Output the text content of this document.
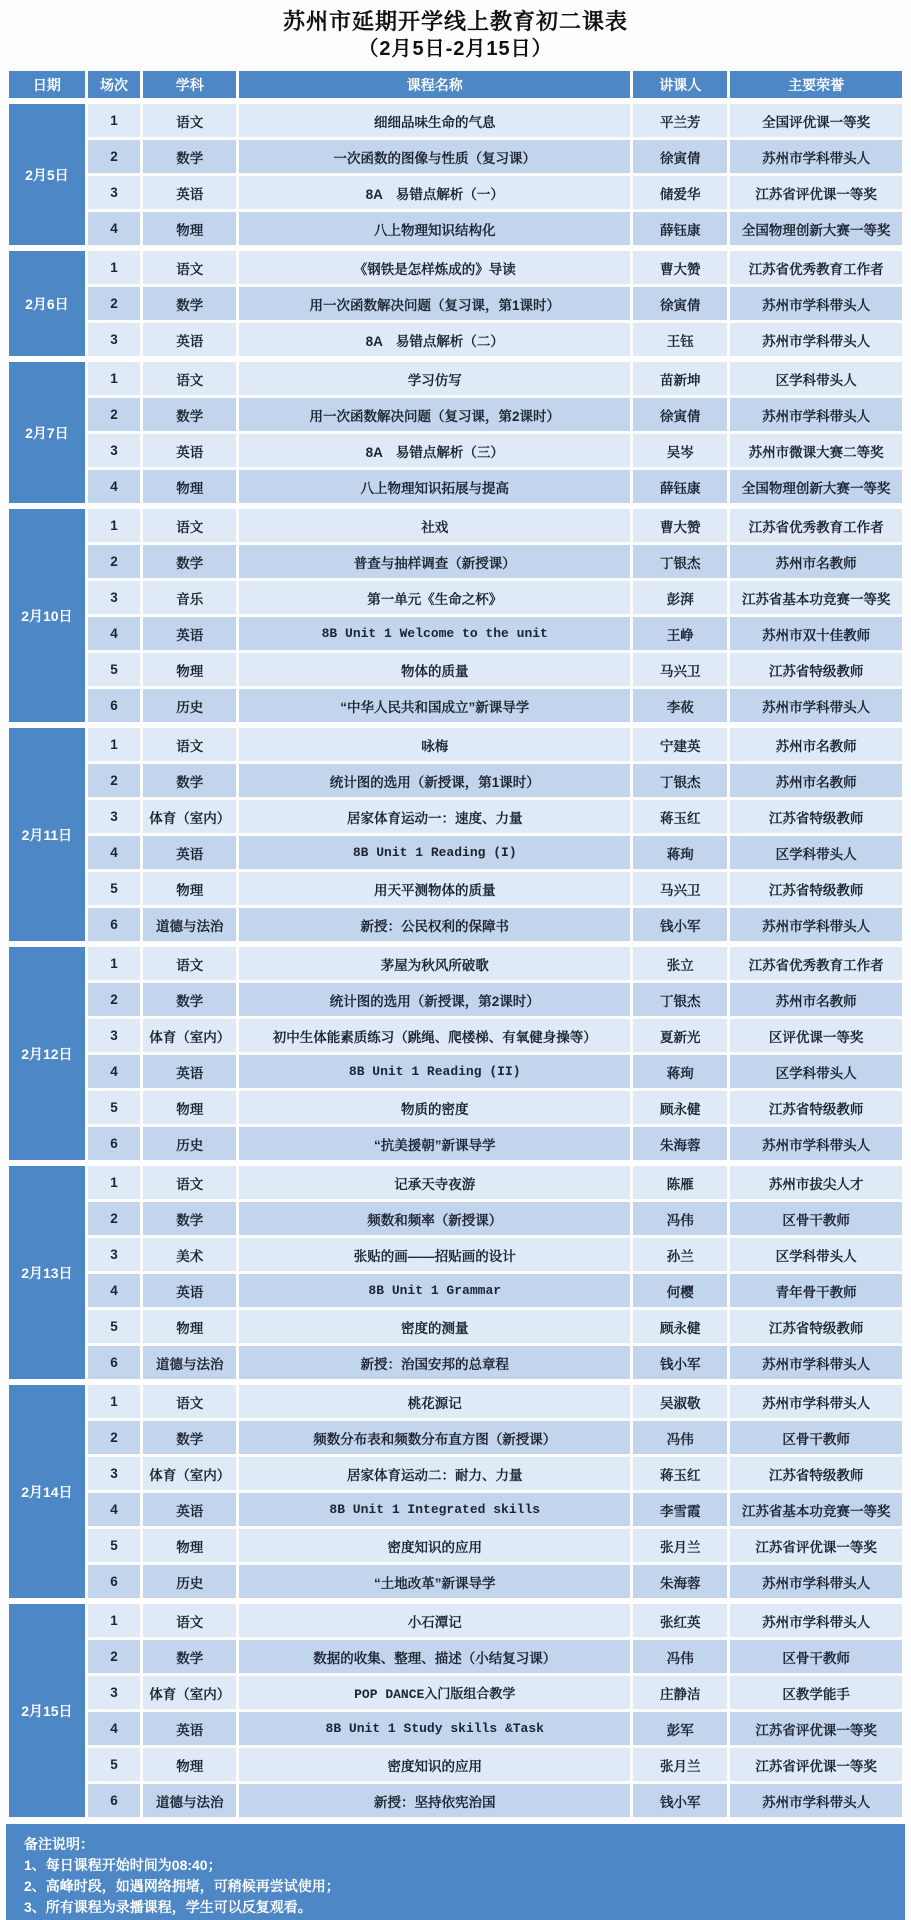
苏州市延期开学线上教育初二课表
（2月5日-2月15日）
日期	场次	学科	课程名称	讲课人	主要荣誉
2月5日	1	语文	细细品味生命的气息	平兰芳	全国评优课一等奖
	2	数学	一次函数的图像与性质（复习课）	徐寅倩	苏州市学科带头人
	3	英语	8A　易错点解析（一）	储爱华	江苏省评优课一等奖
	4	物理	八上物理知识结构化	薛钰康	全国物理创新大赛一等奖
2月6日	1	语文	《钢铁是怎样炼成的》导读	曹大赞	江苏省优秀教育工作者
	2	数学	用一次函数解决问题（复习课，第1课时）	徐寅倩	苏州市学科带头人
	3	英语	8A　易错点解析（二）	王钰	苏州市学科带头人
2月7日	1	语文	学习仿写	苗新坤	区学科带头人
	2	数学	用一次函数解决问题（复习课，第2课时）	徐寅倩	苏州市学科带头人
	3	英语	8A　易错点解析（三）	吴岑	苏州市微课大赛二等奖
	4	物理	八上物理知识拓展与提高	薛钰康	全国物理创新大赛一等奖
2月10日	1	语文	社戏	曹大赞	江苏省优秀教育工作者
	2	数学	普查与抽样调查（新授课）	丁银杰	苏州市名教师
	3	音乐	第一单元《生命之杯》	彭湃	江苏省基本功竞赛一等奖
	4	英语	8B Unit 1 Welcome to the unit	王峥	苏州市双十佳教师
	5	物理	物体的质量	马兴卫	江苏省特级教师
	6	历史	“中华人民共和国成立”新课导学	李莜	苏州市学科带头人
2月11日	1	语文	咏梅	宁建英	苏州市名教师
	2	数学	统计图的选用（新授课，第1课时）	丁银杰	苏州市名教师
	3	体育（室内）	居家体育运动一：速度、力量	蒋玉红	江苏省特级教师
	4	英语	8B Unit 1 Reading (I)	蒋珣	区学科带头人
	5	物理	用天平测物体的质量	马兴卫	江苏省特级教师
	6	道德与法治	新授：公民权利的保障书	钱小军	苏州市学科带头人
2月12日	1	语文	茅屋为秋风所破歌	张立	江苏省优秀教育工作者
	2	数学	统计图的选用（新授课，第2课时）	丁银杰	苏州市名教师
	3	体育（室内）	初中生体能素质练习（跳绳、爬楼梯、有氧健身操等）	夏新光	区评优课一等奖
	4	英语	8B Unit 1 Reading (II)	蒋珣	区学科带头人
	5	物理	物质的密度	顾永健	江苏省特级教师
	6	历史	“抗美援朝”新课导学	朱海蓉	苏州市学科带头人
2月13日	1	语文	记承天寺夜游	陈雁	苏州市拔尖人才
	2	数学	频数和频率（新授课）	冯伟	区骨干教师
	3	美术	张贴的画——招贴画的设计	孙兰	区学科带头人
	4	英语	8B Unit 1 Grammar	何樱	青年骨干教师
	5	物理	密度的测量	顾永健	江苏省特级教师
	6	道德与法治	新授：治国安邦的总章程	钱小军	苏州市学科带头人
2月14日	1	语文	桃花源记	吴淑敬	苏州市学科带头人
	2	数学	频数分布表和频数分布直方图（新授课）	冯伟	区骨干教师
	3	体育（室内）	居家体育运动二：耐力、力量	蒋玉红	江苏省特级教师
	4	英语	8B Unit 1 Integrated skills	李雪霞	江苏省基本功竞赛一等奖
	5	物理	密度知识的应用	张月兰	江苏省评优课一等奖
	6	历史	“土地改革”新课导学	朱海蓉	苏州市学科带头人
2月15日	1	语文	小石潭记	张红英	苏州市学科带头人
	2	数学	数据的收集、整理、描述（小结复习课）	冯伟	区骨干教师
	3	体育（室内）	POP DANCE入门版组合教学	庄静洁	区教学能手
	4	英语	8B Unit 1 Study skills &Task	彭军	江苏省评优课一等奖
	5	物理	密度知识的应用	张月兰	江苏省评优课一等奖
	6	道德与法治	新授：坚持依宪治国	钱小军	苏州市学科带头人
备注说明：
1、每日课程开始时间为08:40；
2、高峰时段，如遇网络拥堵，可稍候再尝试使用；
3、所有课程为录播课程，学生可以反复观看。
